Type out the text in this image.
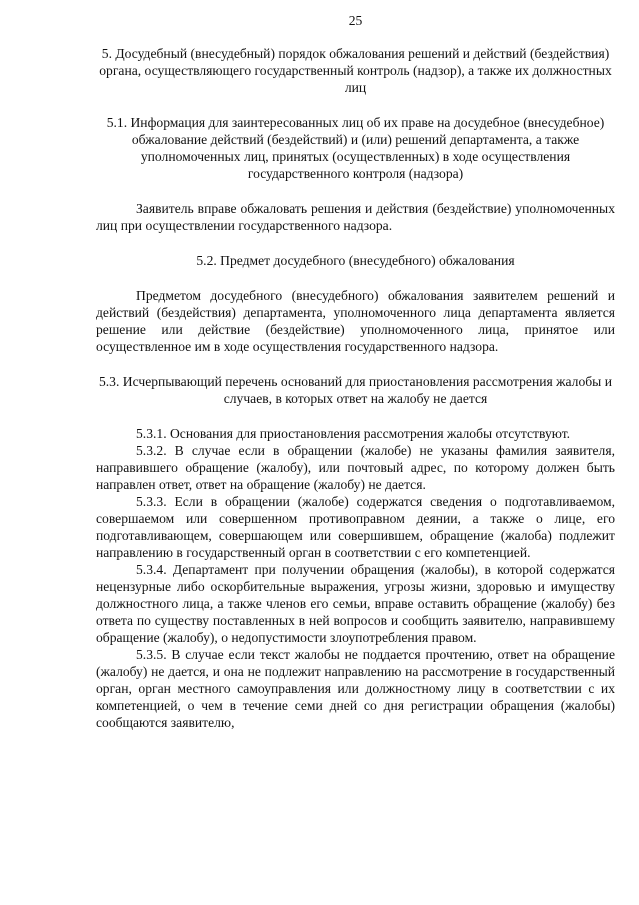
25

5. Досудебный (внесудебный) порядок обжалования решений и действий (бездействия) органа, осуществляющего государственный контроль (надзор), а также их должностных лиц

5.1. Информация для заинтересованных лиц об их праве на досудебное (внесудебное) обжалование действий (бездействий) и (или) решений департамента, а также уполномоченных лиц, принятых (осуществленных) в ходе осуществления государственного контроля (надзора)

Заявитель вправе обжаловать решения и действия (бездействие) уполномоченных лиц при осуществлении государственного надзора.

5.2. Предмет досудебного (внесудебного) обжалования

Предметом досудебного (внесудебного) обжалования заявителем решений и действий (бездействия) департамента, уполномоченного лица департамента является решение или действие (бездействие) уполномоченного лица, принятое или осуществленное им в ходе осуществления государственного надзора.

5.3. Исчерпывающий перечень оснований для приостановления рассмотрения жалобы и случаев, в которых ответ на жалобу не дается

5.3.1. Основания для приостановления рассмотрения жалобы отсутствуют.

5.3.2. В случае если в обращении (жалобе) не указаны фамилия заявителя, направившего обращение (жалобу), или почтовый адрес, по которому должен быть направлен ответ, ответ на обращение (жалобу) не дается.

5.3.3. Если в обращении (жалобе) содержатся сведения о подготавливаемом, совершаемом или совершенном противоправном деянии, а также о лице, его подготавливающем, совершающем или совершившем, обращение (жалоба) подлежит направлению в государственный орган в соответствии с его компетенцией.

5.3.4. Департамент при получении обращения (жалобы), в которой содержатся нецензурные либо оскорбительные выражения, угрозы жизни, здоровью и имуществу должностного лица, а также членов его семьи, вправе оставить обращение (жалобу) без ответа по существу поставленных в ней вопросов и сообщить заявителю, направившему обращение (жалобу), о недопустимости злоупотребления правом.

5.3.5. В случае если текст жалобы не поддается прочтению, ответ на обращение (жалобу) не дается, и она не подлежит направлению на рассмотрение в государственный орган, орган местного самоуправления или должностному лицу в соответствии с их компетенцией, о чем в течение семи дней со дня регистрации обращения (жалобы) сообщаются заявителю,
